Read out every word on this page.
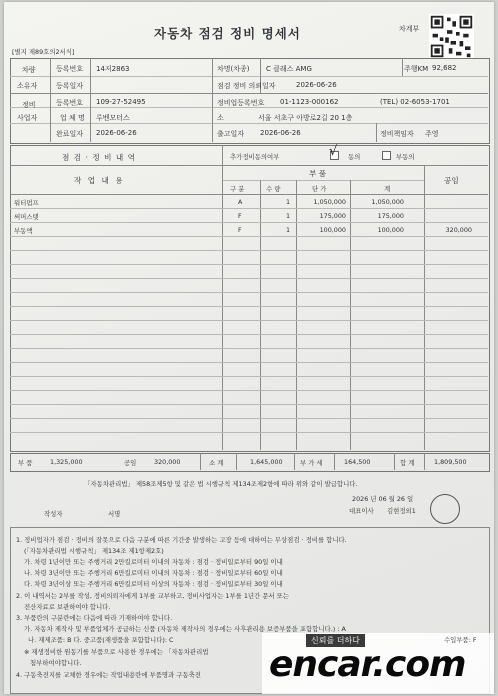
차계부
자동차 점검 정비 명세서
[별지 제89호의2서식]
차량
소유자
등록번호 14저2863
등록일자
차명(차종) C 클래스 AMG	주행KM 92,682
점검 정비 의뢰일자	2026-06-26
정비
사업자
등록번호 109-27-52495	정비업등록번호 01-1123-000162	(TEL) 02-6053-1701
업 체 명 루벤모터스	소	서울 서초구 아방로2길 20 1층
완료일자 2026-06-26	출고일자 2026-06-26	정비책임자 주영
점 검 · 정 비 내 역	추가정비동의여부	√ 동의	부동의
작 업 내 용
부 품
공임
구 분	수 량	단 가	계
워터펌프	A	1	1,050,000	1,050,000
써머스탯	F	1	175,000	175,000
부동액	F	1	100,000	100,000	320,000
부 품	1,325,000	공임	320,000	소 계	1,645,000	부 가 세	164,500	합 계	1,809,500
「자동차관리법」 제58조제5항 및 같은 법 시행규칙 제134조제2항에 따라 위와 같이 발급합니다.
2026 년 06 월 26 일
작성자	서명	대표이사 김현정외1
1. 정비업자가 점검 · 정비의 잘못으로 다음 구분에 따른 기간중 발생하는 고장 등에 대하여는 무상점검 · 정비를 합니다.
(「자동차관리법 시행규칙」 제134조 제1항제2호)
가. 차령 1년이만 또는 주행거리 2만킬로미터 이내의 자동차 : 점검 · 정비일로부터 90일 이내
나. 차령 3년이만 또는 주행거리 6만킬로미터 이내의 자동차 : 점검 · 정비일로부터 60일 이내
다. 차령 3년이상 또는 주행거리 6만킬로미터 이상의 자동차 : 점검 · 정비일로부터 30일 이내
2. 이 내역서는 2부를 작성, 정비의뢰자에게 1부를 교부하고, 정비사업자는 1부를 1년간 문서 또는
전산자료로 보관하여야 합니다.
3. 부품란의 구분란에는 다음에 따라 기재하여야 합니다.
가. 자동차 제작사 및 부품업체가 공급하는 신품 (자동차 제작사의 경우에는 사후관리용 보증부품을 포함합니다.) : A
나. 재제조품: B 다. 중고품(재생품을 포함합니다): C
※ 재생정비한 원동기를 부품으로 사용한 경우에는 「자동차관리법
첨부하여야합니다.
4. 구동축전지를 교체한 경우에는 작업내용란에 부품명과 구동축전
수입부품: F
신뢰를 더하다
encar.com
